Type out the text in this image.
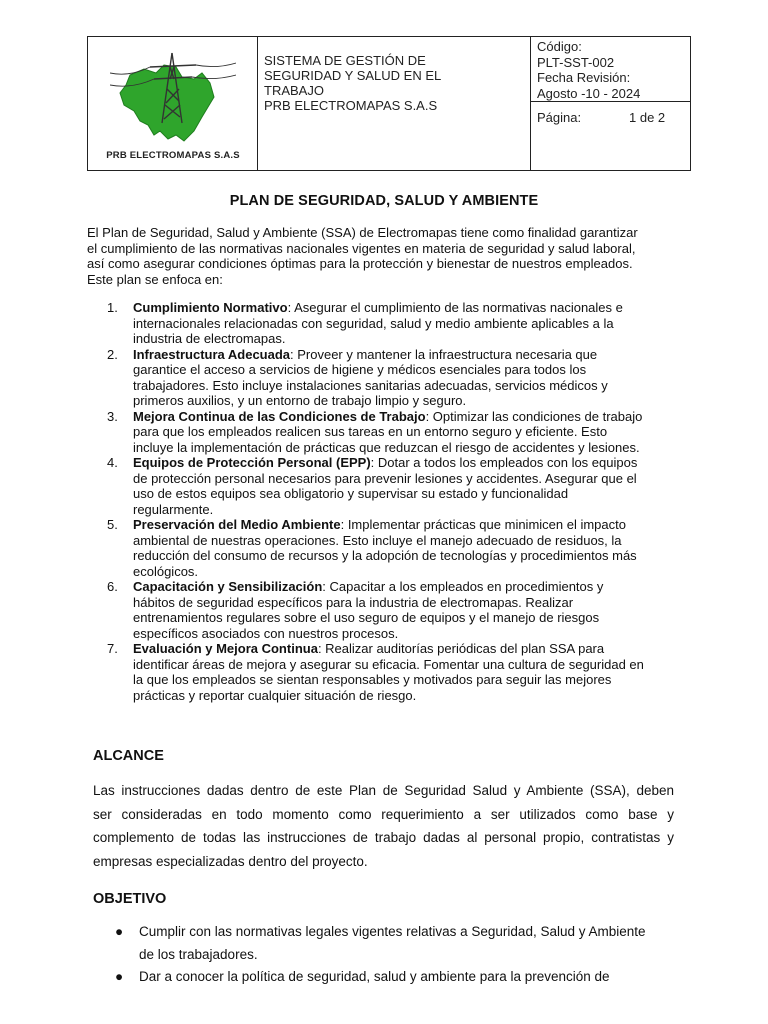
PRB ELECTROMAPAS S.A.S
SISTEMA DE GESTIÓN DE
SEGURIDAD Y SALUD EN EL
TRABAJO
PRB ELECTROMAPAS S.A.S
Código:
PLT-SST-002
Fecha Revisión:
Agosto -10 - 2024
Página:	1 de 2
PLAN DE SEGURIDAD, SALUD Y AMBIENTE
El Plan de Seguridad, Salud y Ambiente (SSA) de Electromapas tiene como finalidad garantizar
el cumplimiento de las normativas nacionales vigentes en materia de seguridad y salud laboral,
así como asegurar condiciones óptimas para la protección y bienestar de nuestros empleados.
Este plan se enfoca en:
1. Cumplimiento Normativo: Asegurar el cumplimiento de las normativas nacionales e
internacionales relacionadas con seguridad, salud y medio ambiente aplicables a la
industria de electromapas.
2. Infraestructura Adecuada: Proveer y mantener la infraestructura necesaria que
garantice el acceso a servicios de higiene y médicos esenciales para todos los
trabajadores. Esto incluye instalaciones sanitarias adecuadas, servicios médicos y
primeros auxilios, y un entorno de trabajo limpio y seguro.
3. Mejora Continua de las Condiciones de Trabajo: Optimizar las condiciones de trabajo
para que los empleados realicen sus tareas en un entorno seguro y eficiente. Esto
incluye la implementación de prácticas que reduzcan el riesgo de accidentes y lesiones.
4. Equipos de Protección Personal (EPP): Dotar a todos los empleados con los equipos
de protección personal necesarios para prevenir lesiones y accidentes. Asegurar que el
uso de estos equipos sea obligatorio y supervisar su estado y funcionalidad
regularmente.
5. Preservación del Medio Ambiente: Implementar prácticas que minimicen el impacto
ambiental de nuestras operaciones. Esto incluye el manejo adecuado de residuos, la
reducción del consumo de recursos y la adopción de tecnologías y procedimientos más
ecológicos.
6. Capacitación y Sensibilización: Capacitar a los empleados en procedimientos y
hábitos de seguridad específicos para la industria de electromapas. Realizar
entrenamientos regulares sobre el uso seguro de equipos y el manejo de riesgos
específicos asociados con nuestros procesos.
7. Evaluación y Mejora Continua: Realizar auditorías periódicas del plan SSA para
identificar áreas de mejora y asegurar su eficacia. Fomentar una cultura de seguridad en
la que los empleados se sientan responsables y motivados para seguir las mejores
prácticas y reportar cualquier situación de riesgo.
ALCANCE
Las instrucciones dadas dentro de este Plan de Seguridad Salud y Ambiente (SSA), deben
ser consideradas en todo momento como requerimiento a ser utilizados como base y
complemento de todas las instrucciones de trabajo dadas al personal propio, contratistas y
empresas especializadas dentro del proyecto.
OBJETIVO
● Cumplir con las normativas legales vigentes relativas a Seguridad, Salud y Ambiente
de los trabajadores.
● Dar a conocer la política de seguridad, salud y ambiente para la prevención de
